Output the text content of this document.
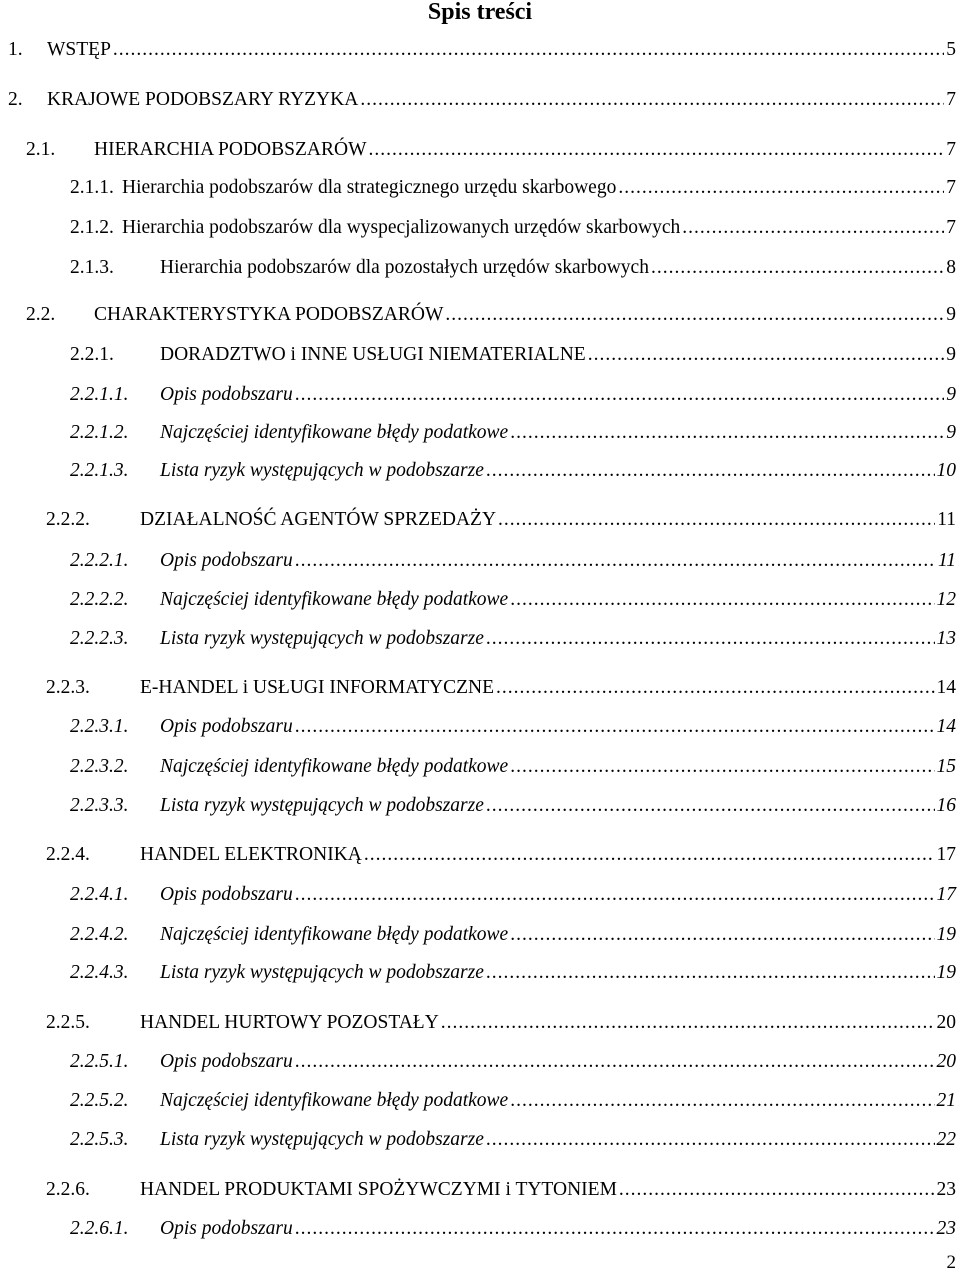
Spis treści
1. WSTĘP .....	5
2. KRAJOWE PODOBSZARY RYZYKA .....	7
2.1. HIERARCHIA PODOBSZARÓW .....	7
2.1.1. Hierarchia podobszarów dla strategicznego urzędu skarbowego .....	7
2.1.2. Hierarchia podobszarów dla wyspecjalizowanych urzędów skarbowych .....	7
2.1.3. Hierarchia podobszarów dla pozostałych urzędów skarbowych .....	8
2.2. CHARAKTERYSTYKA PODOBSZARÓW .....	9
2.2.1. DORADZTWO i INNE USŁUGI NIEMATERIALNE .....	9
2.2.1.1. Opis podobszaru .....	9
2.2.1.2. Najczęściej identyfikowane błędy podatkowe .....	9
2.2.1.3. Lista ryzyk występujących w podobszarze .....	10
2.2.2.	DZIAŁALNOŚĆ AGENTÓW SPRZEDAŻY .....	11
2.2.2.1. Opis podobszaru .....	11
2.2.2.2. Najczęściej identyfikowane błędy podatkowe .....	12
2.2.2.3. Lista ryzyk występujących w podobszarze .....	13
2.2.3.	E-HANDEL i USŁUGI INFORMATYCZNE .....	14
2.2.3.1. Opis podobszaru .....	14
2.2.3.2. Najczęściej identyfikowane błędy podatkowe .....	15
2.2.3.3. Lista ryzyk występujących w podobszarze .....	16
2.2.4.	HANDEL ELEKTRONIKĄ .....	17
2.2.4.1. Opis podobszaru .....	17
2.2.4.2. Najczęściej identyfikowane błędy podatkowe .....	19
2.2.4.3. Lista ryzyk występujących w podobszarze .....	19
2.2.5.	HANDEL HURTOWY POZOSTAŁY .....	20
2.2.5.1. Opis podobszaru .....	20
2.2.5.2. Najczęściej identyfikowane błędy podatkowe .....	21
2.2.5.3. Lista ryzyk występujących w podobszarze .....	22
2.2.6.	HANDEL PRODUKTAMI SPOŻYWCZYMI i TYTONIEM .....	23
2.2.6.1. Opis podobszaru .....	23
2
